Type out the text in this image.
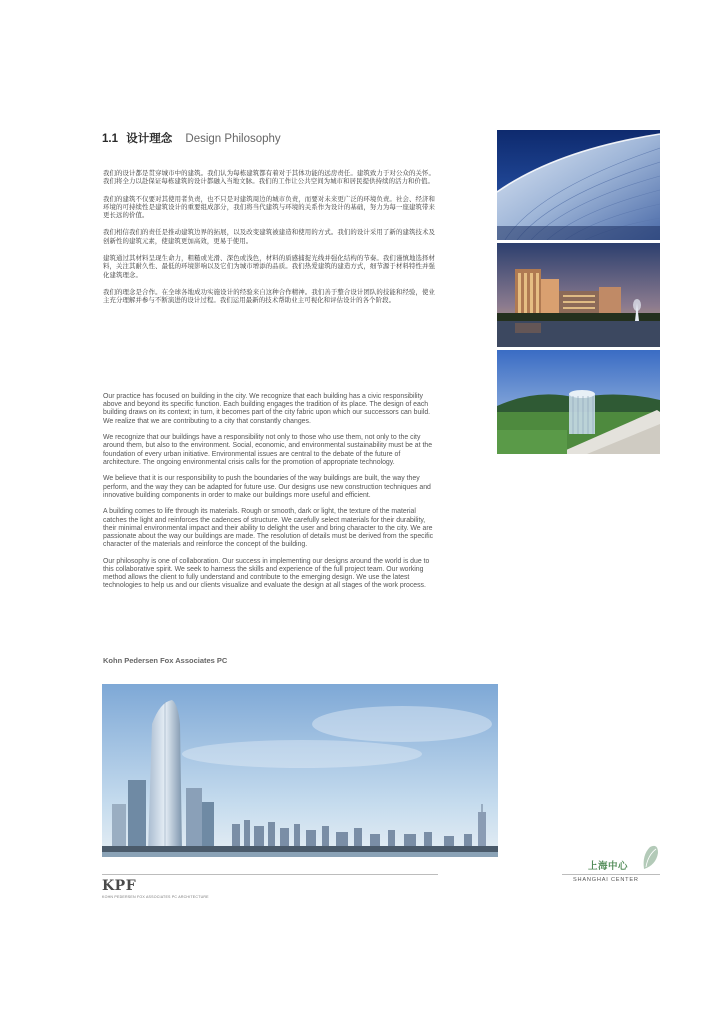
1.1 设计理念 Design Philosophy

我们的设计都是贯穿城市中的建筑。我们认为每栋建筑都有着对于其体功能的远房责任。建筑致力于对公众的关怀。我们将全力以赴保证每栋建筑的设计都融入当地文脉。我们的工作让公共空间为城市和居民提供持续的活力和价值。

我们的建筑不仅要对其使用者负责，也不只是对建筑周边的城市负责，而要对未来更广泛的环境负责。社会、经济和环境的可持续性是建筑设计的重要组成部分，我们将当代建筑与环境的关系作为设计的基础，努力为每一座建筑带来更长远的价值。

我们相信我们的责任是推动建筑边界的拓展，以及改变建筑被建造和使用的方式。我们的设计采用了新的建筑技术及创新性的建筑元素，使建筑更加高效，更易于使用。

建筑通过其材料呈现生命力，粗糙或光滑、深色或浅色，材料的质感捕捉光线并强化结构的节奏。我们谨慎地选择材料，关注其耐久性、最低的环境影响以及它们为城市增添的品质。我们热爱建筑的建造方式，细节源于材料特性并强化建筑理念。

我们的理念是合作。在全球各地成功实施设计的经验来自这种合作精神。我们善于整合设计团队的技能和经验，使业主充分理解并参与不断演进的设计过程。我们运用最新的技术帮助业主可视化和评估设计的各个阶段。

Our practice has focused on building in the city. We recognize that each building has a civic responsibility above and beyond its specific function. Each building engages the tradition of its place. The design of each building draws on its context; in turn, it becomes part of the city fabric upon which our successors can build. We realize that we are contributing to a city that constantly changes.

We recognize that our buildings have a responsibility not only to those who use them, not only to the city around them, but also to the environment. Social, economic, and environmental sustainability must be at the foundation of every urban initiative. Environmental issues are central to the debate of the future of architecture. The ongoing environmental crisis calls for the promotion of appropriate technology.

We believe that it is our responsibility to push the boundaries of the way buildings are built, the way they perform, and the way they can be adapted for future use. Our designs use new construction techniques and innovative building components in order to make our buildings more useful and efficient.

A building comes to life through its materials. Rough or smooth, dark or light, the texture of the material catches the light and reinforces the cadences of structure. We carefully select materials for their durability, their minimal environmental impact and their ability to delight the user and bring character to the city. We are passionate about the way our buildings are made. The resolution of details must be derived from the specific character of the materials and reinforce the concept of the building.

Our philosophy is one of collaboration. Our success in implementing our designs around the world is due to this collaborative spirit. We seek to harness the skills and experience of the full project team. Our working method allows the client to fully understand and contribute to the emerging design. We use the latest technologies to help us and our clients visualize and evaluate the design at all stages of the work process.

Kohn Pedersen Fox Associates PC
KPF
KOHN PEDERSEN FOX ASSOCIATES PC ARCHITECTURE
上海中心
SHANGHAI CENTER
